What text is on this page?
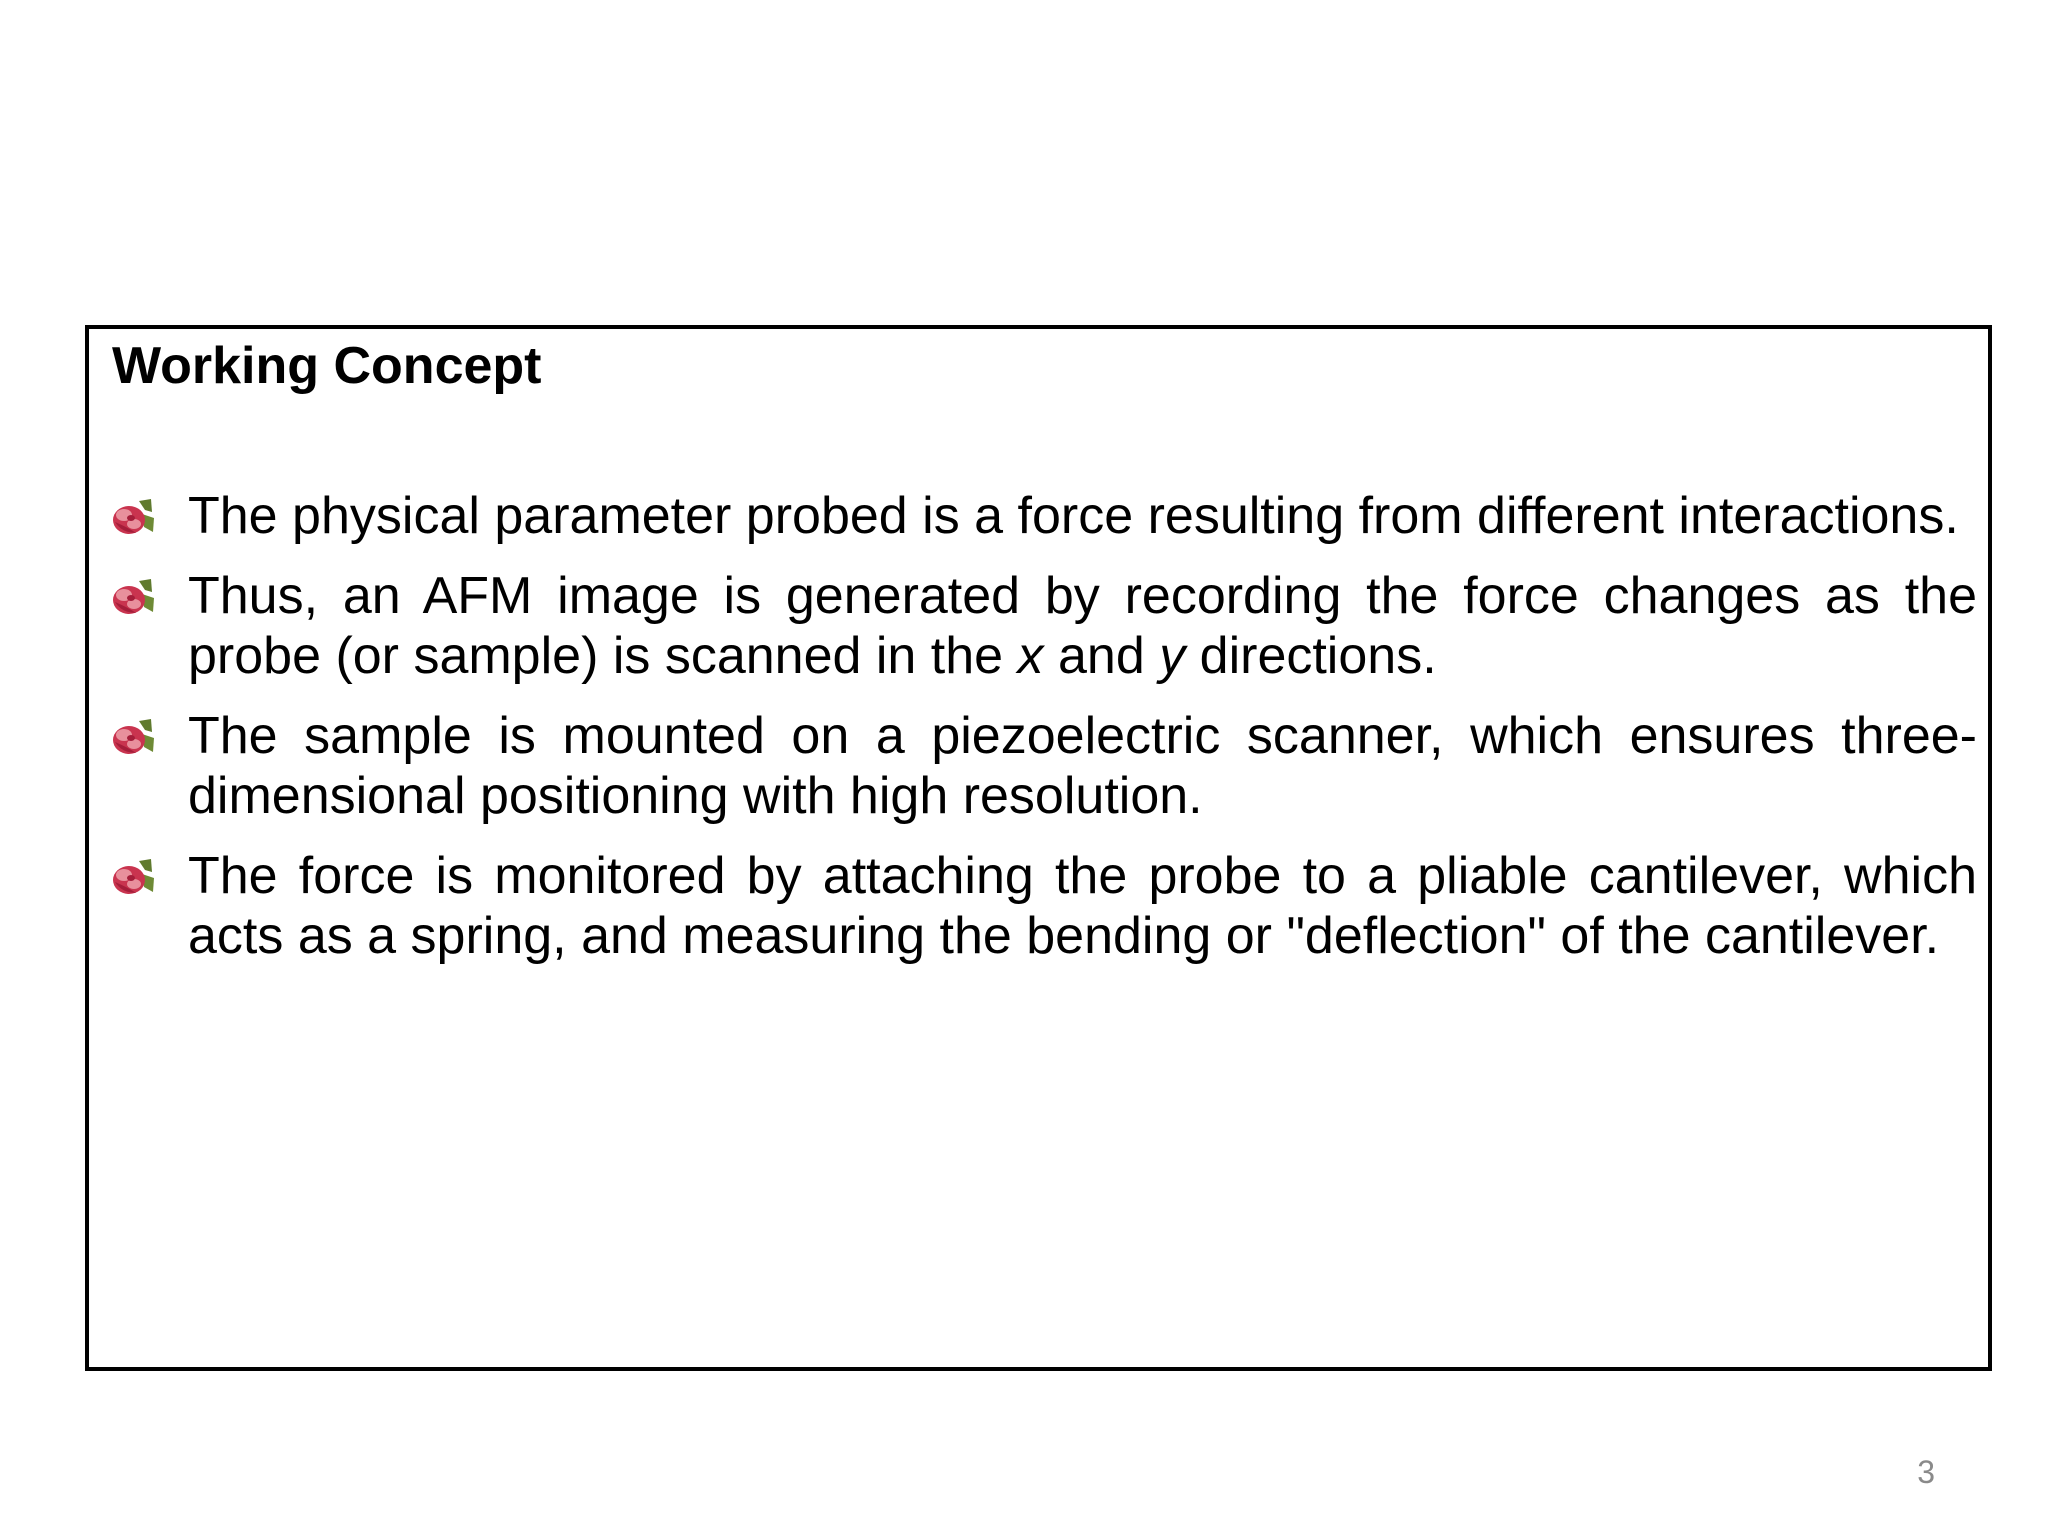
Working Concept
The physical parameter probed is a force resulting from different interactions.
Thus, an AFM image is generated by recording the force changes as the probe (or sample) is scanned in the x and y directions.
The sample is mounted on a piezoelectric scanner, which ensures three-dimensional positioning with high resolution.
The force is monitored by attaching the probe to a pliable cantilever, which acts as a spring, and measuring the bending or "deflection" of the cantilever.
3
